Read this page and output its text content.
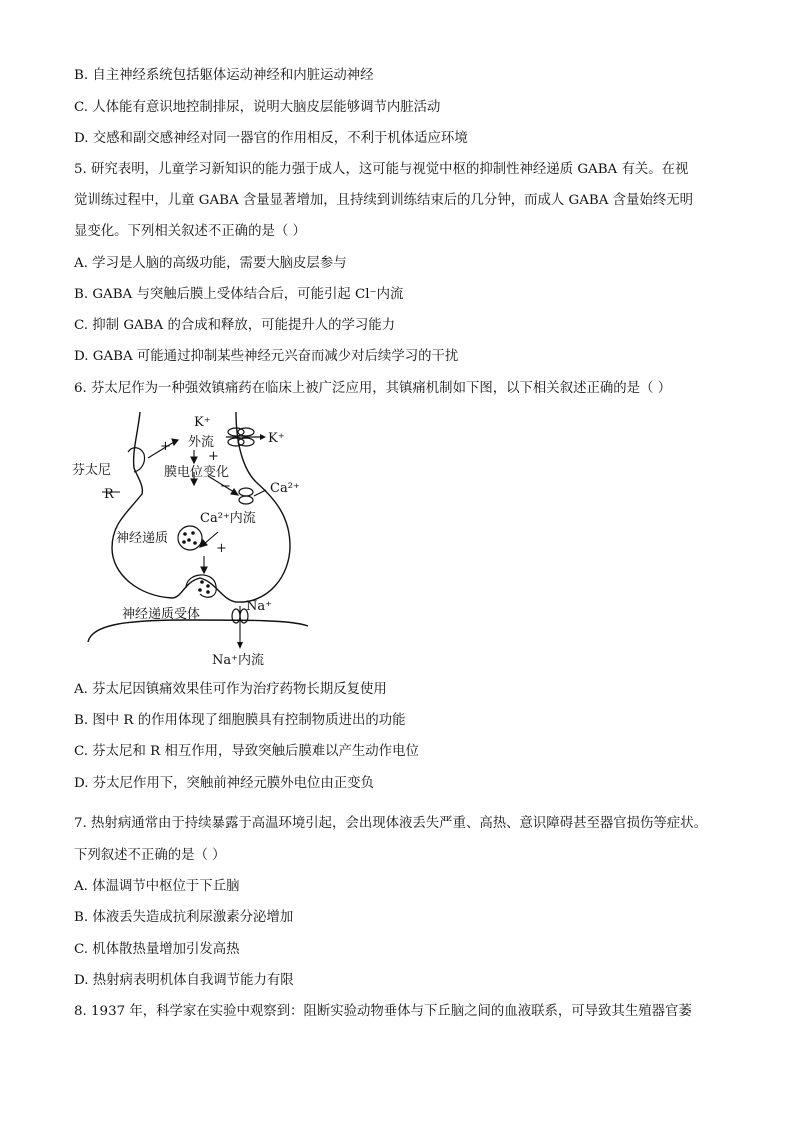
B. 自主神经系统包括躯体运动神经和内脏运动神经
C. 人体能有意识地控制排尿，说明大脑皮层能够调节内脏活动
D. 交感和副交感神经对同一器官的作用相反，不利于机体适应环境
5. 研究表明，儿童学习新知识的能力强于成人，这可能与视觉中枢的抑制性神经递质 GABA 有关。在视
觉训练过程中，儿童 GABA 含量显著增加，且持续到训练结束后的几分钟，而成人 GABA 含量始终无明
显变化。下列相关叙述不正确的是（ ）
A. 学习是人脑的高级功能，需要大脑皮层参与
B. GABA 与突触后膜上受体结合后，可能引起 Cl⁻内流
C. 抑制 GABA 的合成和释放，可能提升人的学习能力
D. GABA 可能通过抑制某些神经元兴奋而减少对后续学习的干扰
6. 芬太尼作为一种强效镇痛药在临床上被广泛应用，其镇痛机制如下图，以下相关叙述正确的是（ ）
K⁺
K⁺
外流
+
+
芬太尼
R
膜电位变化
−	Ca²⁺
Ca²⁺内流
神经递质
+
神经递质受体
Na⁺
Na⁺内流
A. 芬太尼因镇痛效果佳可作为治疗药物长期反复使用
B. 图中 R 的作用体现了细胞膜具有控制物质进出的功能
C. 芬太尼和 R 相互作用，导致突触后膜难以产生动作电位
D. 芬太尼作用下，突触前神经元膜外电位由正变负
7. 热射病通常由于持续暴露于高温环境引起，会出现体液丢失严重、高热、意识障碍甚至器官损伤等症状。
下列叙述不正确的是（ ）
A. 体温调节中枢位于下丘脑
B. 体液丢失造成抗利尿激素分泌增加
C. 机体散热量增加引发高热
D. 热射病表明机体自我调节能力有限
8. 1937 年，科学家在实验中观察到：阻断实验动物垂体与下丘脑之间的血液联系，可导致其生殖器官萎
